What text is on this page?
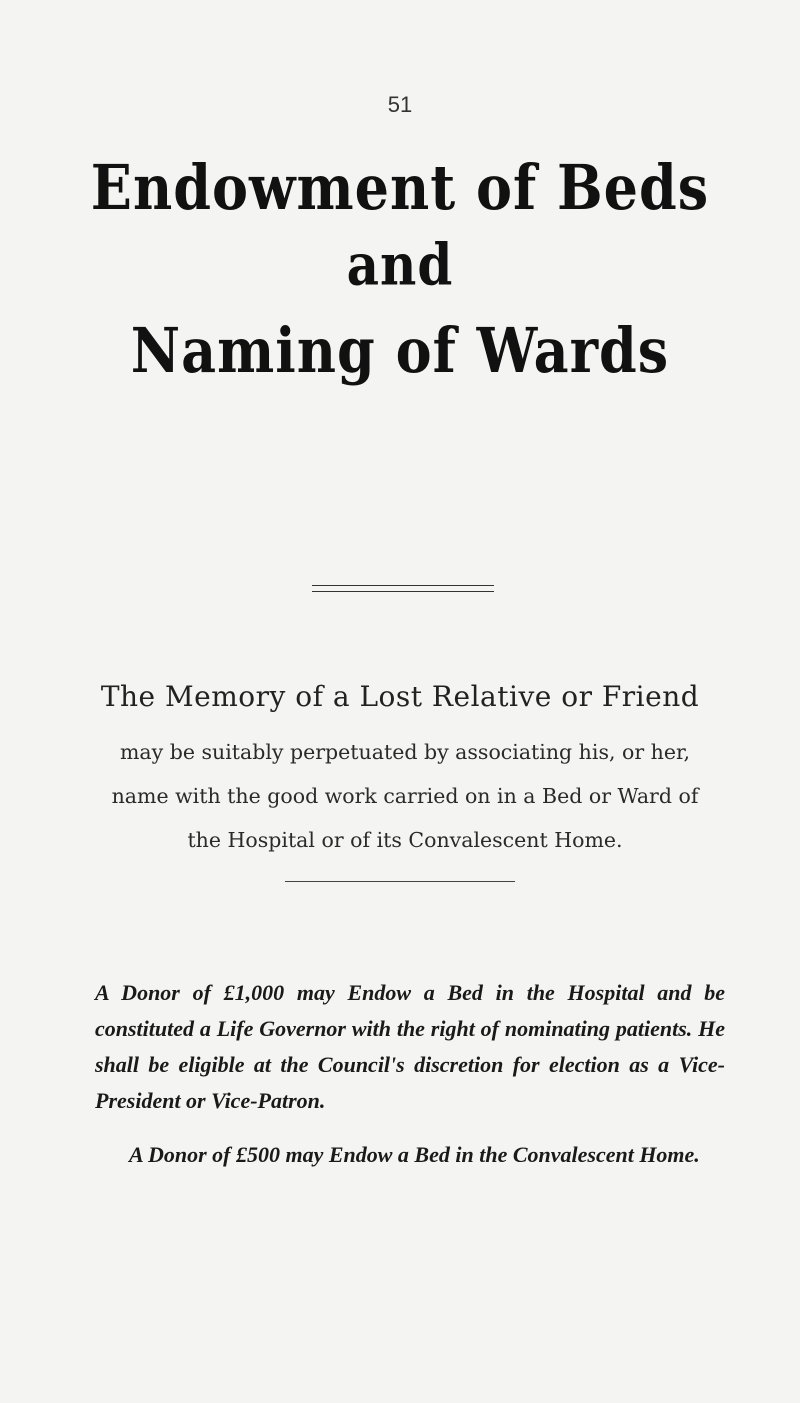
51
Endowment of Beds
and
Naming of Wards
The Memory of a Lost Relative or Friend
may be suitably perpetuated by associating his, or her, name with the good work carried on in a Bed or Ward of the Hospital or of its Convalescent Home.
A Donor of £1,000 may Endow a Bed in the Hospital and be constituted a Life Governor with the right of nominating patients. He shall be eligible at the Council's discretion for election as a Vice-President or Vice-Patron.
A Donor of £500 may Endow a Bed in the Convalescent Home.
